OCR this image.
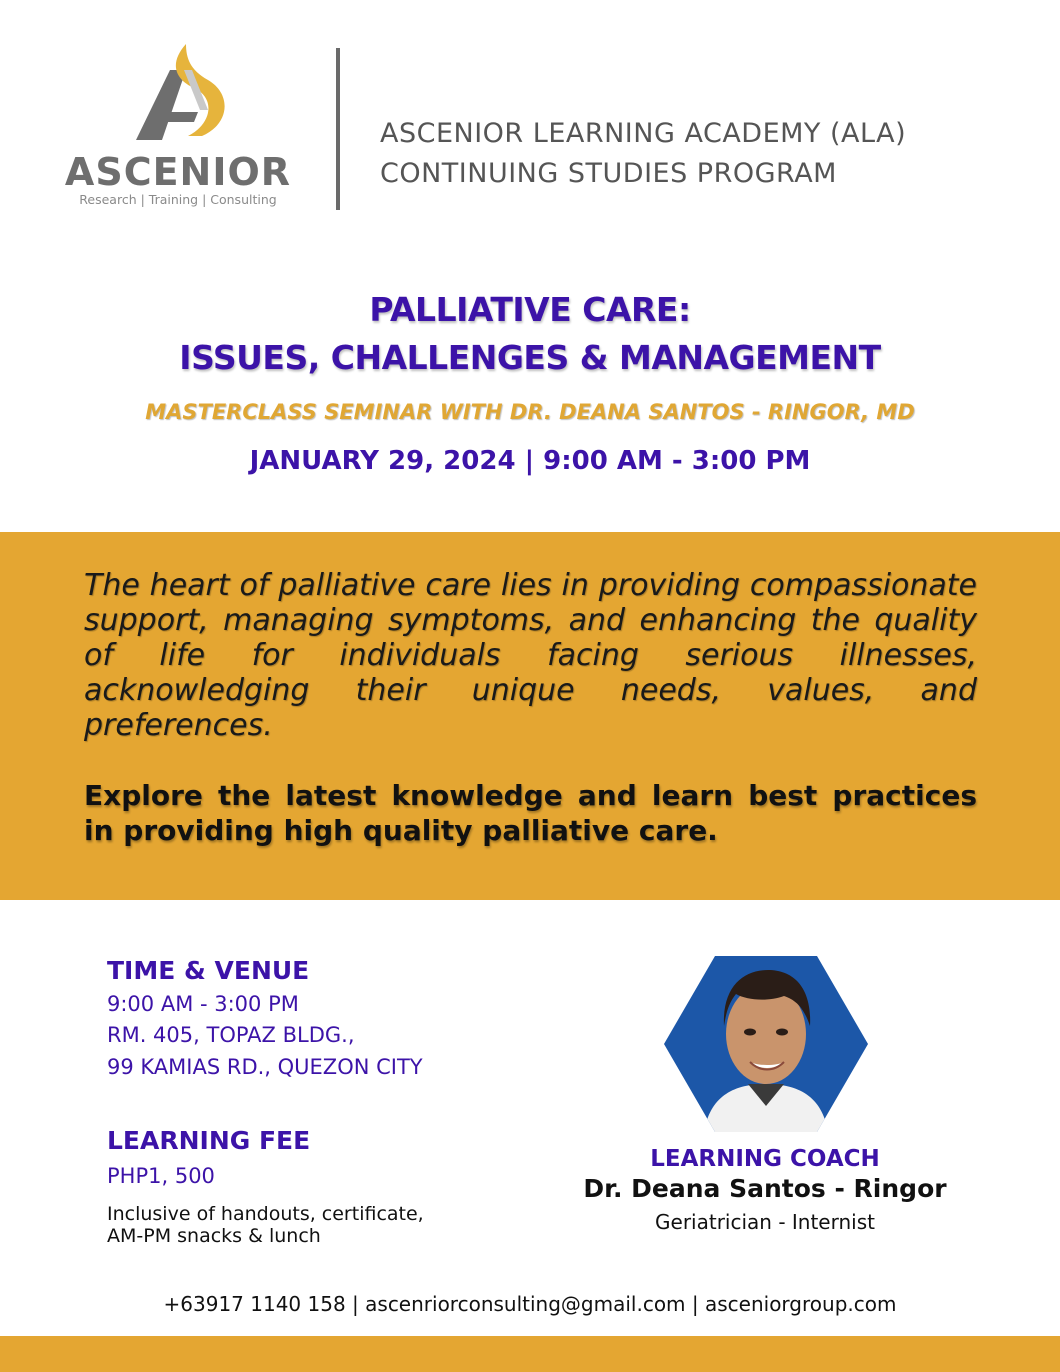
ASCENIOR
Research | Training | Consulting
ASCENIOR LEARNING ACADEMY (ALA)
CONTINUING STUDIES PROGRAM
PALLIATIVE CARE:
ISSUES, CHALLENGES & MANAGEMENT
MASTERCLASS SEMINAR WITH DR. DEANA SANTOS - RINGOR, MD
JANUARY 29, 2024 | 9:00 AM - 3:00 PM
The heart of palliative care lies in providing compassionate support, managing symptoms, and enhancing the quality of life for individuals facing serious illnesses, acknowledging their unique needs, values, and preferences.
Explore the latest knowledge and learn best practices in providing high quality palliative care.
TIME & VENUE
9:00 AM - 3:00 PM
RM. 405, TOPAZ BLDG.,
99 KAMIAS RD., QUEZON CITY
LEARNING FEE
PHP1, 500
Inclusive of handouts, certificate,
AM-PM snacks & lunch
LEARNING COACH
Dr. Deana Santos - Ringor
Geriatrician - Internist
+63917 1140 158 | ascenriorconsulting@gmail.com | asceniorgroup.com
